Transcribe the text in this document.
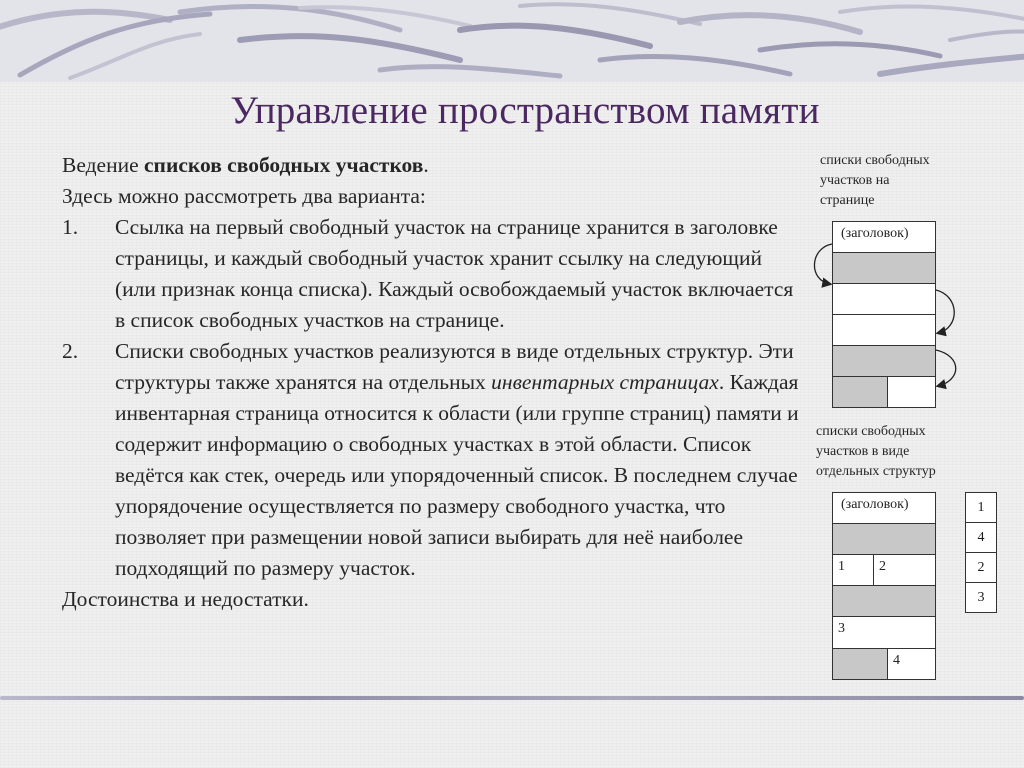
Управление пространством памяти

Ведение списков свободных участков.

Здесь можно рассмотреть два варианта:

1. Ссылка на первый свободный участок на странице хранится в заголовке страницы, и каждый свободный участок хранит ссылку на следующий (или признак конца списка). Каждый освобождаемый участок включается в список свободных участков на странице.

2. Списки свободных участков реализуются в виде отдельных структур. Эти структуры также хранятся на отдельных инвентарных страницах. Каждая инвентарная страница относится к области (или группе страниц) памяти и содержит информацию о свободных участках в этой области. Список ведётся как стек, очередь или упорядоченный список. В последнем случае упорядочение осуществляется по размеру свободного участка, что позволяет при размещении новой записи выбирать для неё наиболее подходящий по размеру участок.

Достоинства и недостатки.

списки свободных
участков на
странице
(заголовок)
списки свободных
участков в виде
отдельных структур
(заголовок)
1 2
3
4
1
4
2
3
